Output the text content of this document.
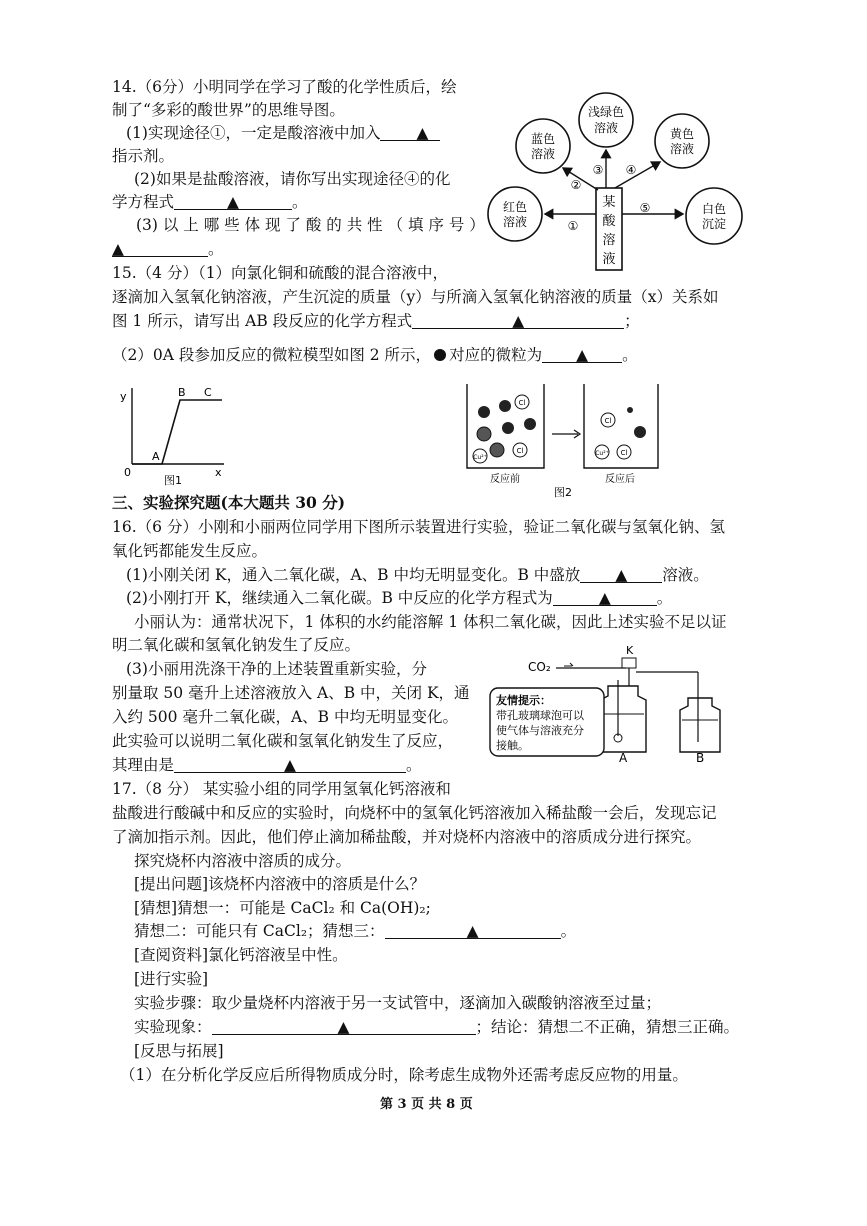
14.（6分）小明同学在学习了酸的化学性质后，绘
制了“多彩的酸世界”的思维导图。
(1)实现途径①，一定是酸溶液中加入 ▲
指示剂。
(2)如果是盐酸溶液，请你写出实现途径④的化
学方程式	▲	。
(3) 以 上 哪 些 体 现 了 酸 的 共 性 （ 填 序 号 ）
▲	。
某
酸
溶
液
红色
溶液
蓝色
溶液
浅绿色
溶液	黄色
溶液
白色
沉淀
①
②
③ ④
⑤
15.（4 分）（1）向氯化铜和硫酸的混合溶液中，
逐滴加入氢氧化钠溶液，产生沉淀的质量（y）与所滴入氢氧化钠溶液的质量（x）关系如
图 1 所示，请写出 AB 段反应的化学方程式	▲	；
（2）0A 段参加反应的微粒模型如图 2 所示， 对应的微粒为 ▲ 。
y
x
0
A
B C
图1
Cl
Cu²⁺
Cl
反应前
Cl
Cu²⁺ Cl
反应后
图2
三、实验探究题(本大题共 30 分)
16.（6 分）小刚和小丽两位同学用下图所示装置进行实验，验证二氧化碳与氢氧化钠、氢
氧化钙都能发生反应。
(1)小刚关闭 K，通入二氧化碳，A、B 中均无明显变化。B 中盛放 ▲ 溶液。
(2)小刚打开 K，继续通入二氧化碳。B 中反应的化学方程式为	▲	。
小丽认为：通常状况下，1 体积的水约能溶解 1 体积二氧化碳，因此上述实验不足以证
明二氧化碳和氢氧化钠发生了反应。
(3)小丽用洗涤干净的上述装置重新实验，分
别量取 50 毫升上述溶液放入 A、B 中，关闭 K，通
入约 500 毫升二氧化碳，A、B 中均无明显变化。
此实验可以说明二氧化碳和氢氧化钠发生了反应，
其理由是	▲	。
CO₂
K
A	B
友情提示：
带孔玻璃球泡可以
使气体与溶液充分
接触。
17.（8 分） 某实验小组的同学用氢氧化钙溶液和
盐酸进行酸碱中和反应的实验时，向烧杯中的氢氧化钙溶液加入稀盐酸一会后，发现忘记
了滴加指示剂。因此，他们停止滴加稀盐酸，并对烧杯内溶液中的溶质成分进行探究。
探究烧杯内溶液中溶质的成分。
[提出问题]该烧杯内溶液中的溶质是什么？
[猜想]猜想一：可能是 CaCl₂ 和 Ca(OH)₂;
猜想二：可能只有 CaCl₂；猜想三：	▲	。
[查阅资料]氯化钙溶液呈中性。
[进行实验]
实验步骤：取少量烧杯内溶液于另一支试管中，逐滴加入碳酸钠溶液至过量；
实验现象：	▲	；结论：猜想二不正确，猜想三正确。
[反思与拓展]
（1）在分析化学反应后所得物质成分时，除考虑生成物外还需考虑反应物的用量。
第 3 页 共 8 页
